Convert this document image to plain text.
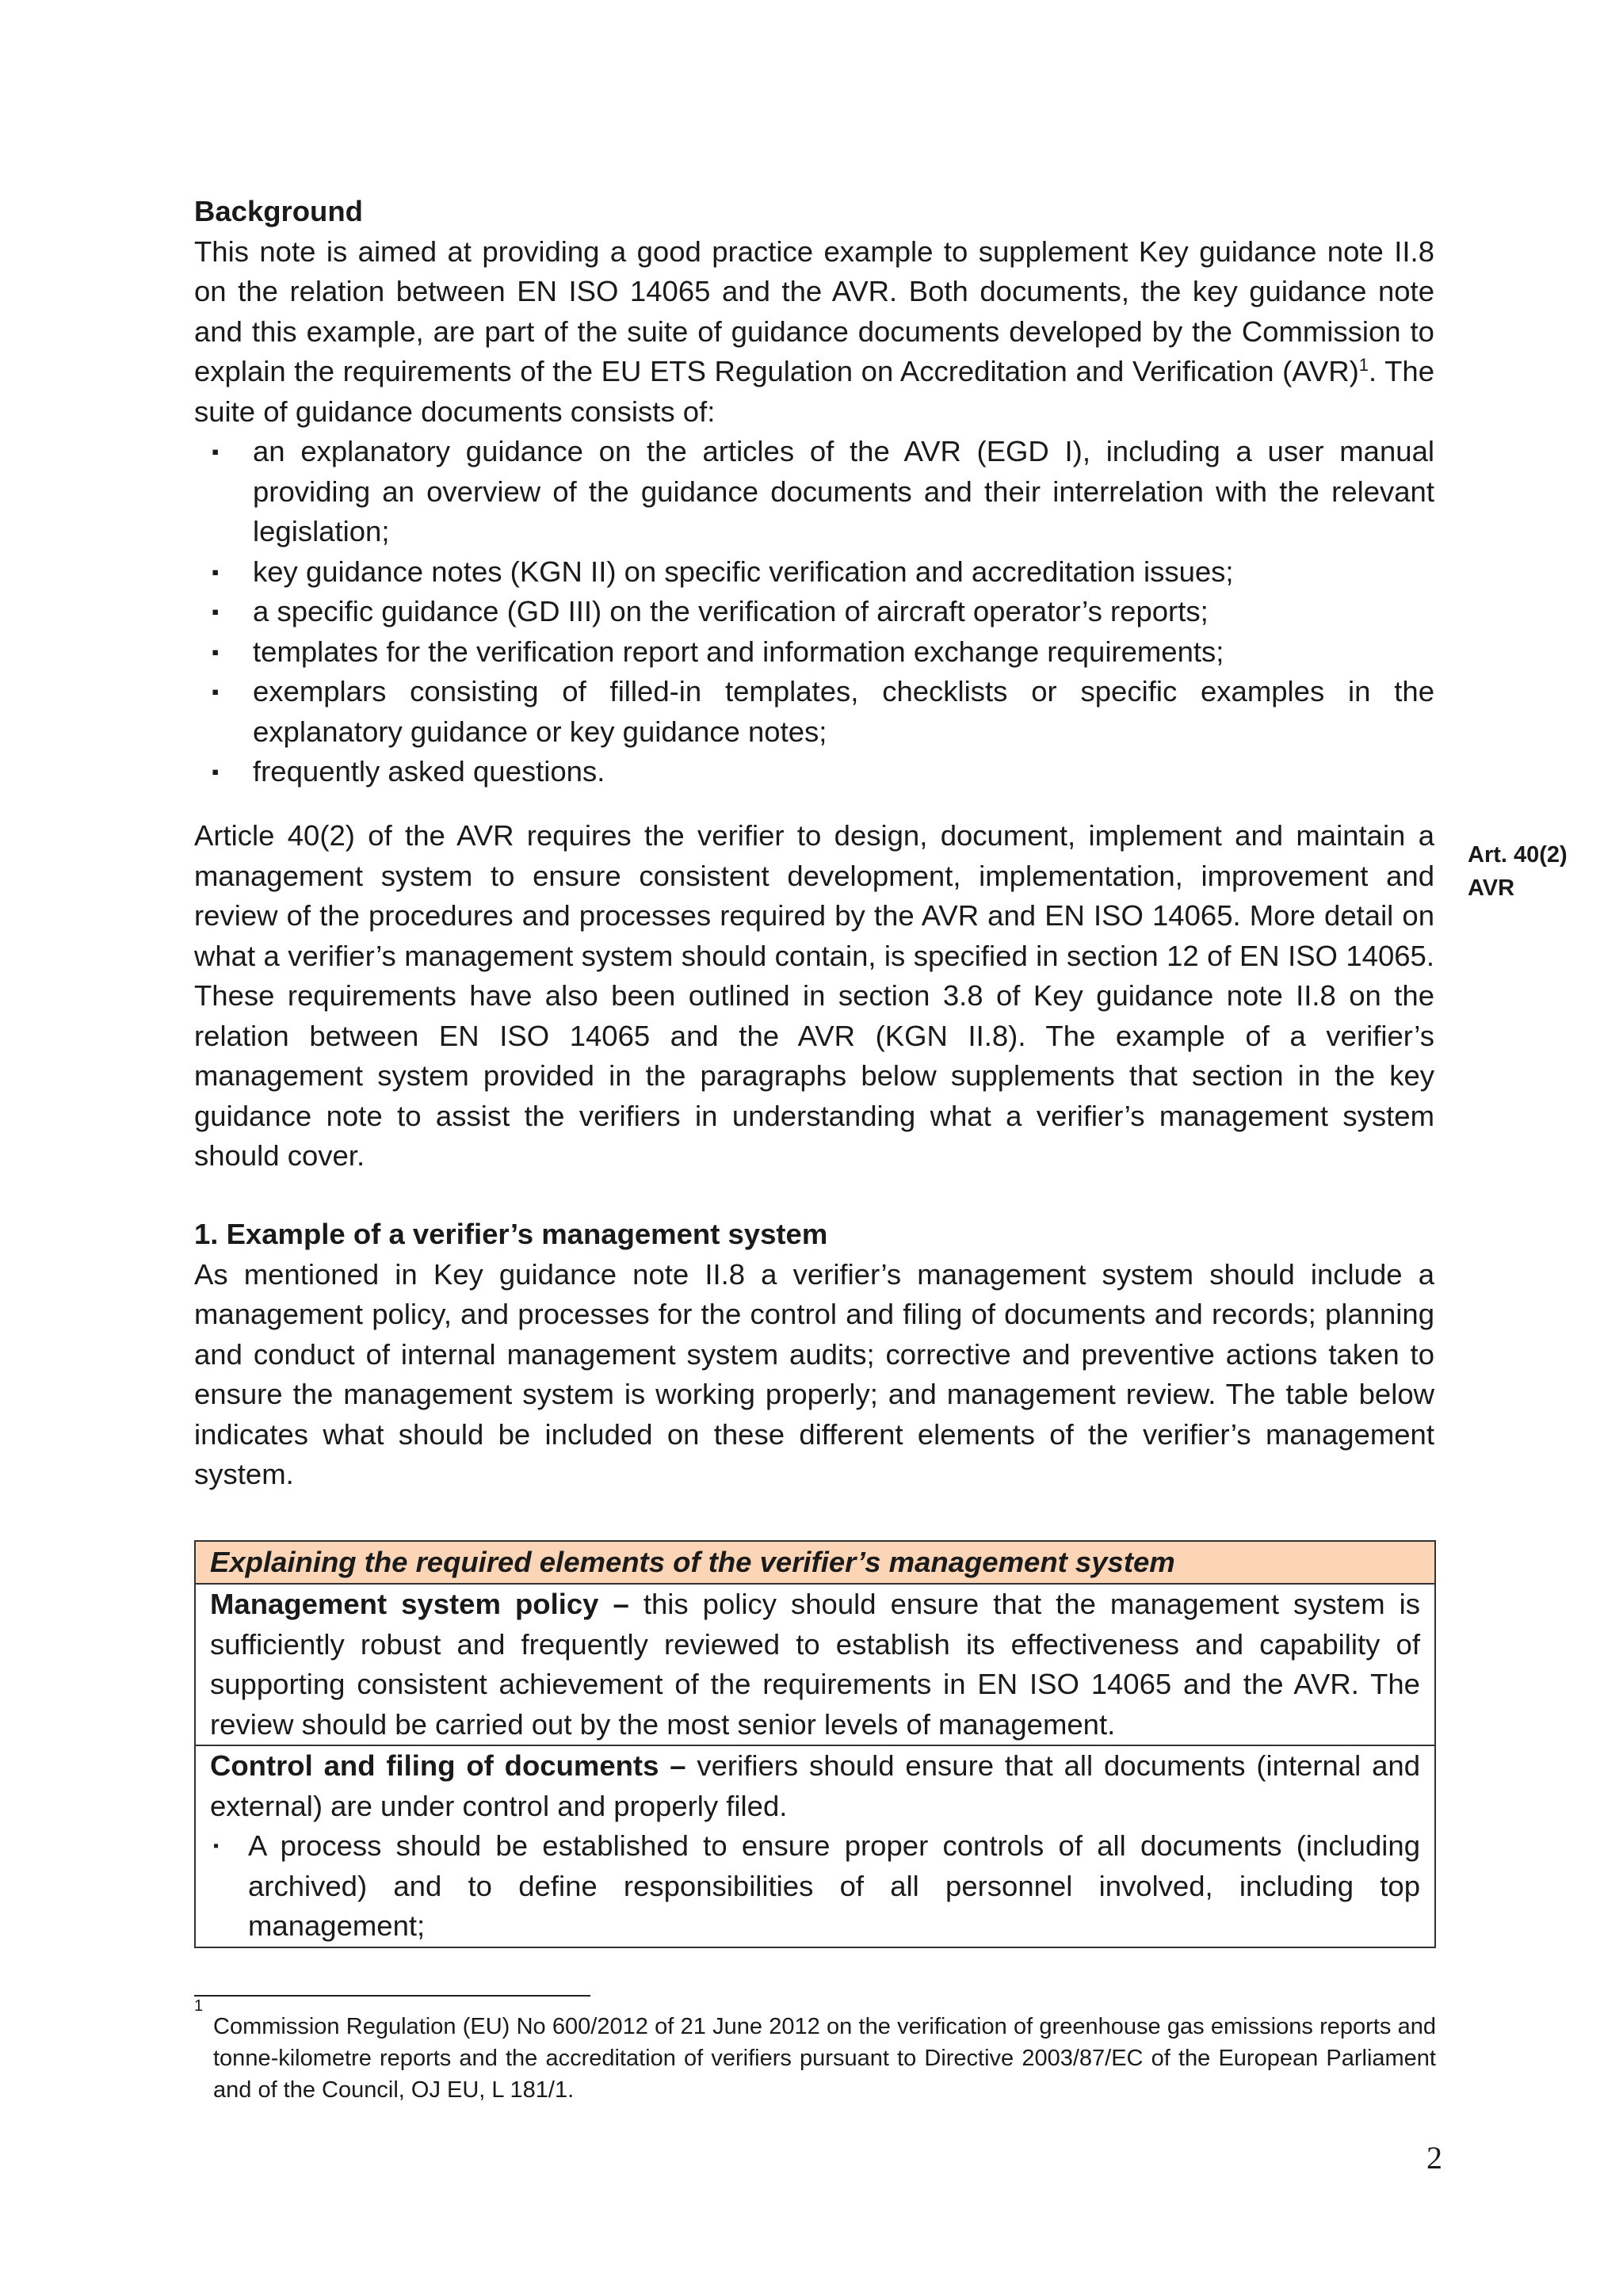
Background

This note is aimed at providing a good practice example to supplement Key guidance note II.8 on the relation between EN ISO 14065 and the AVR. Both documents, the key guidance note and this example, are part of the suite of guidance documents developed by the Commission to explain the requirements of the EU ETS Regulation on Accreditation and Verification (AVR)$^1$. The suite of guidance documents consists of:

▪ an explanatory guidance on the articles of the AVR (EGD I), including a user manual providing an overview of the guidance documents and their interrelation with the relevant legislation;
▪ key guidance notes (KGN II) on specific verification and accreditation issues;
▪ a specific guidance (GD III) on the verification of aircraft operator’s reports;
▪ templates for the verification report and information exchange requirements;
▪ exemplars consisting of filled-in templates, checklists or specific examples in the explanatory guidance or key guidance notes;
▪ frequently asked questions.

Article 40(2) of the AVR requires the verifier to design, document, implement and maintain a management system to ensure consistent development, implementation, improvement and review of the procedures and processes required by the AVR and EN ISO 14065. More detail on what a verifier’s management system should contain, is specified in section 12 of EN ISO 14065. These requirements have also been outlined in section 3.8 of Key guidance note II.8 on the relation between EN ISO 14065 and the AVR (KGN II.8). The example of a verifier’s management system provided in the paragraphs below supplements that section in the key guidance note to assist the verifiers in understanding what a verifier’s management system should cover.

Art. 40(2)
AVR
1. Example of a verifier’s management system

As mentioned in Key guidance note II.8 a verifier’s management system should include a management policy, and processes for the control and filing of documents and records; planning and conduct of internal management system audits; corrective and preventive actions taken to ensure the management system is working properly; and management review. The table below indicates what should be included on these different elements of the verifier’s management system.

Explaining the required elements of the verifier’s management system
Management system policy – this policy should ensure that the management system is sufficiently robust and frequently reviewed to establish its effectiveness and capability of supporting consistent achievement of the requirements in EN ISO 14065 and the AVR. The review should be carried out by the most senior levels of management.

Control and filing of documents – verifiers should ensure that all documents (internal and external) are under control and properly filed.
▪ A process should be established to ensure proper controls of all documents (including archived) and to define responsibilities of all personnel involved, including top management;
1
Commission Regulation (EU) No 600/2012 of 21 June 2012 on the verification of greenhouse gas emissions reports and tonne-kilometre reports and the accreditation of verifiers pursuant to Directive 2003/87/EC of the European Parliament and of the Council, OJ EU, L 181/1.
2
